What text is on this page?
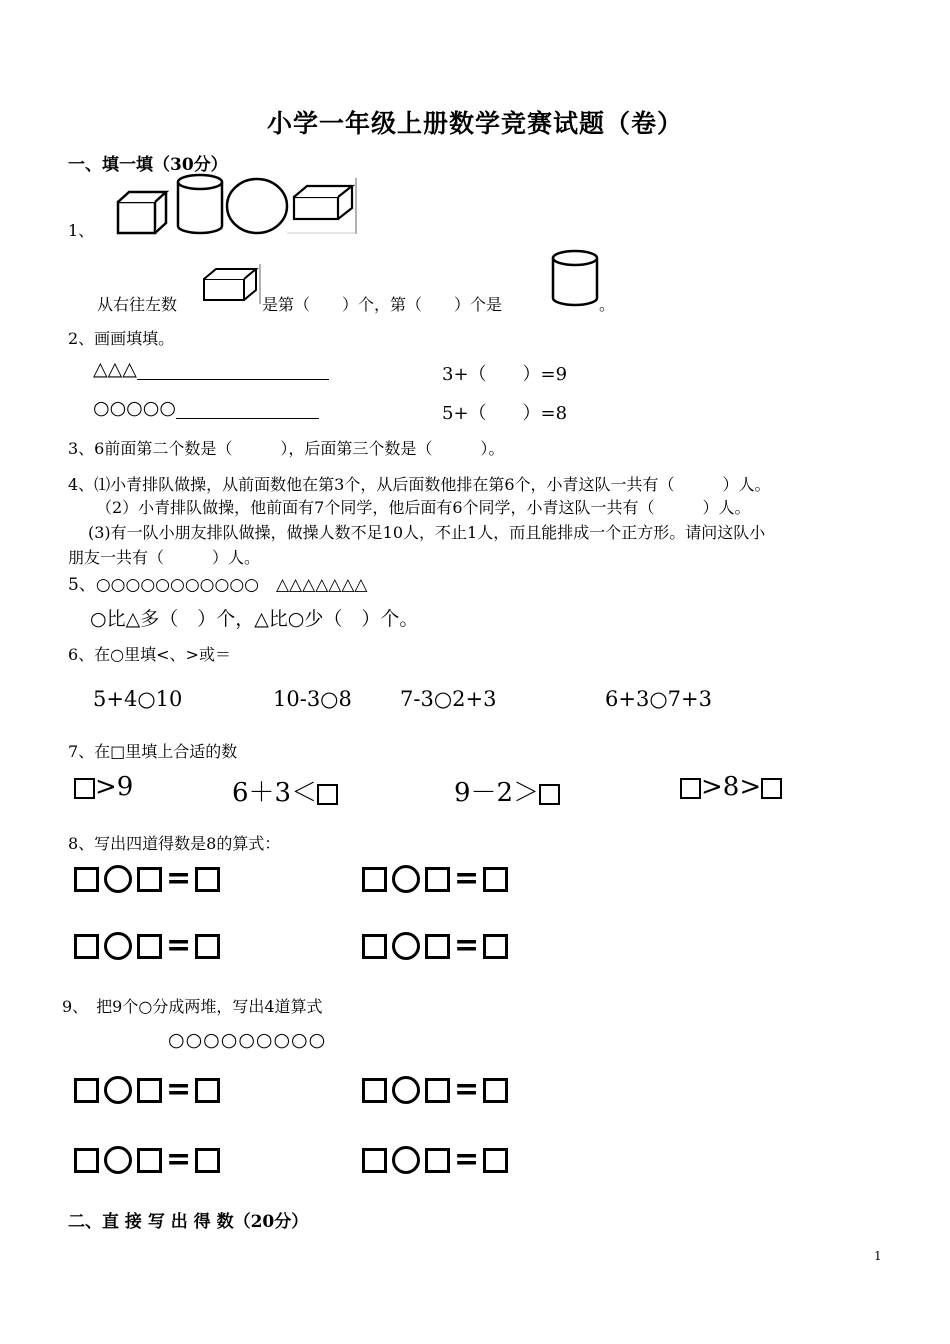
小学一年级上册数学竞赛试题（卷）
一、填一填（30分）
1、
从右往左数	是第（　　）个，第（　　）个是	。
2、画画填填。
△△△	3+（　　）=9
○○○○○	5+（　　）=8
3、6前面第二个数是（　　　），后面第三个数是（　　　）。
4、⑴小青排队做操，从前面数他在第3个，从后面数他排在第6个，小青这队一共有（　　　）人。
（2）小青排队做操，他前面有7个同学，他后面有6个同学，小青这队一共有（　　　）人。
(3)有一队小朋友排队做操，做操人数不足10人，不止1人，而且能排成一个正方形。请问这队小
朋友一共有（　　　）人。
5、○○○○○○○○○○○　△△△△△△△
○比△多（　）个，△比○少（　）个。
6、在○里填<、>或＝
5+4○10	10-3○8 7-3○2+3	6+3○7+3
7、在□里填上合适的数
>9	6＋3＜	9－2＞	>8>
8、写出四道得数是8的算式：
=	=
=	=
9、　把9个○分成两堆，写出4道算式
○○○○○○○○○
=	=
=	=
二、直 接 写 出 得 数（20分）
1
